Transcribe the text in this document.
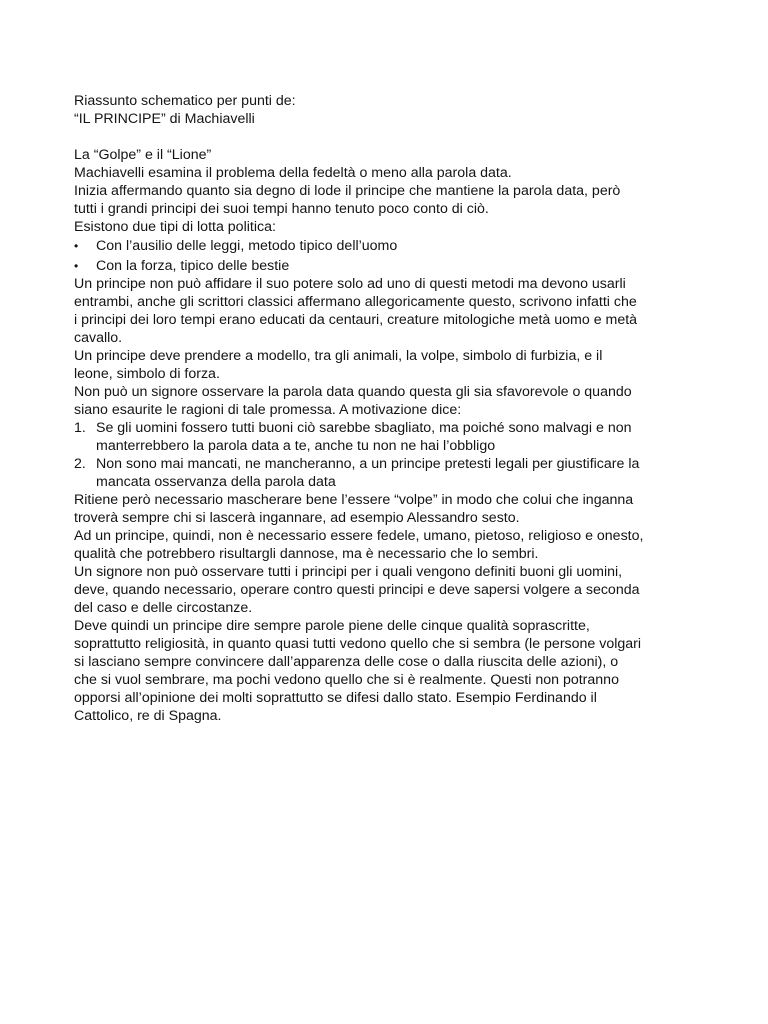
Riassunto schematico per punti de:
“IL PRINCIPE” di Machiavelli
La “Golpe” e il “Lione”
Machiavelli esamina il problema della fedeltà o meno alla parola data.
Inizia affermando quanto sia degno di lode il principe che mantiene la parola data, però
tutti i grandi principi dei suoi tempi hanno tenuto poco conto di ciò.
Esistono due tipi di lotta politica:
• Con l’ausilio delle leggi, metodo tipico dell’uomo
• Con la forza, tipico delle bestie
Un principe non può affidare il suo potere solo ad uno di questi metodi ma devono usarli
entrambi, anche gli scrittori classici affermano allegoricamente questo, scrivono infatti che
i principi dei loro tempi erano educati da centauri, creature mitologiche metà uomo e metà
cavallo.
Un principe deve prendere a modello, tra gli animali, la volpe, simbolo di furbizia, e il
leone, simbolo di forza.
Non può un signore osservare la parola data quando questa gli sia sfavorevole o quando
siano esaurite le ragioni di tale promessa. A motivazione dice:
1. Se gli uomini fossero tutti buoni ciò sarebbe sbagliato, ma poiché sono malvagi e non
manterrebbero la parola data a te, anche tu non ne hai l’obbligo
2. Non sono mai mancati, ne mancheranno, a un principe pretesti legali per giustificare la
mancata osservanza della parola data
Ritiene però necessario mascherare bene l’essere “volpe” in modo che colui che inganna
troverà sempre chi si lascerà ingannare, ad esempio Alessandro sesto.
Ad un principe, quindi, non è necessario essere fedele, umano, pietoso, religioso e onesto,
qualità che potrebbero risultargli dannose, ma è necessario che lo sembri.
Un signore non può osservare tutti i principi per i quali vengono definiti buoni gli uomini,
deve, quando necessario, operare contro questi principi e deve sapersi volgere a seconda
del caso e delle circostanze.
Deve quindi un principe dire sempre parole piene delle cinque qualità soprascritte,
soprattutto religiosità, in quanto quasi tutti vedono quello che si sembra (le persone volgari
si lasciano sempre convincere dall’apparenza delle cose o dalla riuscita delle azioni), o
che si vuol sembrare, ma pochi vedono quello che si è realmente. Questi non potranno
opporsi all’opinione dei molti soprattutto se difesi dallo stato. Esempio Ferdinando il
Cattolico, re di Spagna.
